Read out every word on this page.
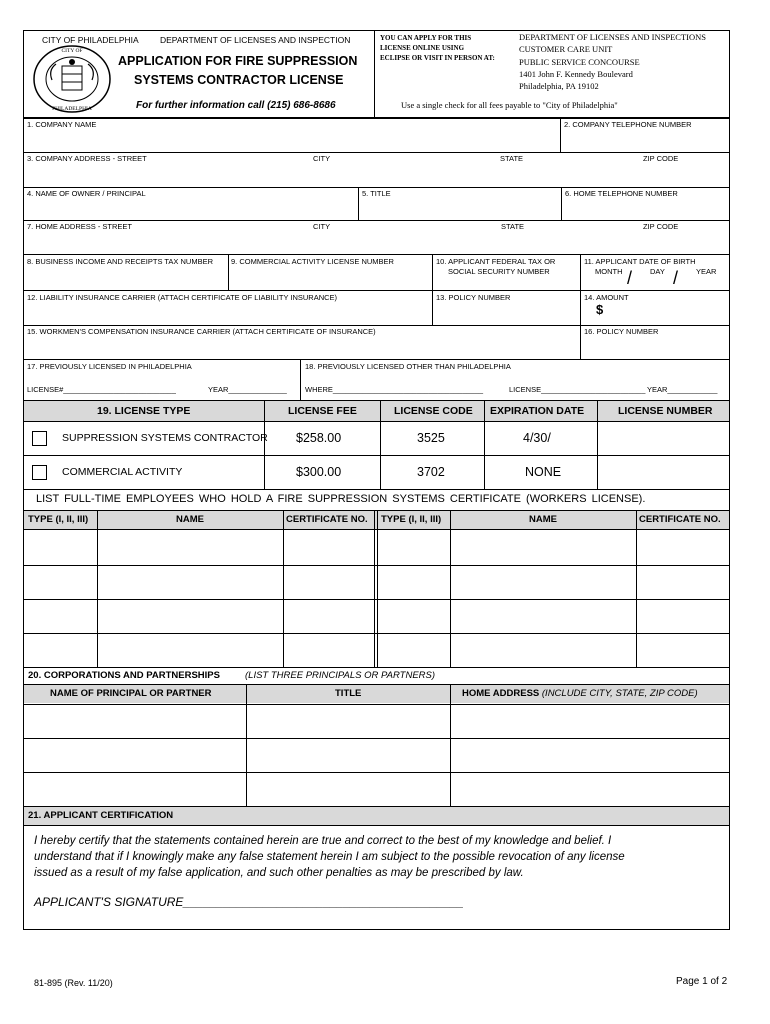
CITY OF PHILADELPHIA	DEPARTMENT OF LICENSES AND INSPECTION
CITY OF
PHILADELPHIA
APPLICATION FOR FIRE SUPPRESSION
SYSTEMS CONTRACTOR LICENSE
For further information call (215) 686-8686
YOU CAN APPLY FOR THIS
LICENSE ONLINE USING
ECLIPSE OR VISIT IN PERSON AT:
DEPARTMENT OF LICENSES AND INSPECTIONS
CUSTOMER CARE UNIT
PUBLIC SERVICE CONCOURSE
1401 John F. Kennedy Boulevard
Philadelphia, PA 19102
Use a single check for all fees payable to "City of Philadelphia"
1. COMPANY NAME	2. COMPANY TELEPHONE NUMBER
3. COMPANY ADDRESS - STREET	CITY	STATE	ZIP CODE
4. NAME OF OWNER / PRINCIPAL	5. TITLE	6. HOME TELEPHONE NUMBER
7. HOME ADDRESS - STREET	CITY	STATE	ZIP CODE
8. BUSINESS INCOME AND RECEIPTS TAX NUMBER 9. COMMERCIAL ACTIVITY LICENSE NUMBER	10. APPLICANT FEDERAL TAX OR
SOCIAL SECURITY NUMBER
11. APPLICANT DATE OF BIRTH
MONTH	DAY	YEAR
/ /
12. LIABILITY INSURANCE CARRIER (ATTACH CERTIFICATE OF LIABILITY INSURANCE)	13. POLICY NUMBER	14. AMOUNT
$
15. WORKMEN'S COMPENSATION INSURANCE CARRIER (ATTACH CERTIFICATE OF INSURANCE)	16. POLICY NUMBER
17. PREVIOUSLY LICENSED IN PHILADELPHIA
LICENSE#___________________________	YEAR______________
18. PREVIOUSLY LICENSED OTHER THAN PHILADELPHIA
WHERE____________________________________	LICENSE_________________________ YEAR____________
19. LICENSE TYPE	LICENSE FEE	LICENSE CODE EXPIRATION DATE	LICENSE NUMBER
SUPPRESSION SYSTEMS CONTRACTOR $258.00	3525	4/30/
COMMERCIAL ACTIVITY	$300.00	3702	NONE
LIST FULL-TIME EMPLOYEES WHO HOLD A FIRE SUPPRESSION SYSTEMS CERTIFICATE (WORKERS LICENSE).
TYPE (I, II, III)	NAME	CERTIFICATE NO. TYPE (I, II, III)	NAME	CERTIFICATE NO.
20. CORPORATIONS AND PARTNERSHIPS	(LIST THREE PRINCIPALS OR PARTNERS)
NAME OF PRINCIPAL OR PARTNER	TITLE	HOME ADDRESS (INCLUDE CITY, STATE, ZIP CODE)
21. APPLICANT CERTIFICATION
I hereby certify that the statements contained herein are true and correct to the best of my knowledge and belief. I
understand that if I knowingly make any false statement herein I am subject to the possible revocation of any license
issued as a result of my false application, and such other penalties as may be prescribed by law.
APPLICANT'S SIGNATURE__________________________________________
81-895 (Rev. 11/20)	Page 1 of 2
